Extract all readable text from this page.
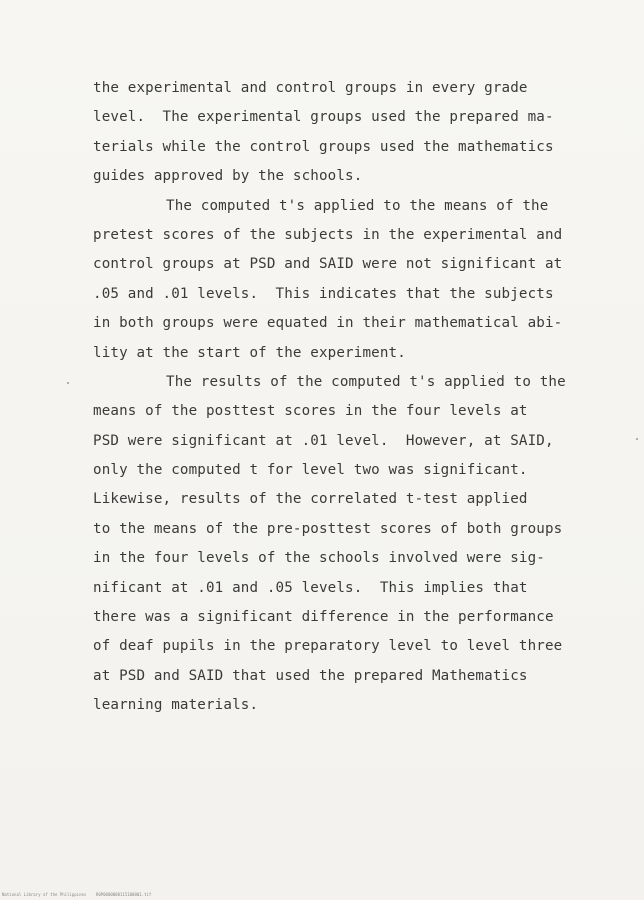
the experimental and control groups in every grade
level.  The experimental groups used the prepared ma-
terials while the control groups used the mathematics
guides approved by the schools.
The computed t's applied to the means of the
pretest scores of the subjects in the experimental and
control groups at PSD and SAID were not significant at
.05 and .01 levels.  This indicates that the subjects
in both groups were equated in their mathematical abi-
lity at the start of the experiment.
The results of the computed t's applied to the
means of the posttest scores in the four levels at
PSD were significant at .01 level.  However, at SAID,
only the computed t for level two was significant.
Likewise, results of the correlated t-test applied
to the means of the pre-posttest scores of both groups
in the four levels of the schools involved were sig-
nificant at .01 and .05 levels.  This implies that
there was a significant difference in the performance
of deaf pupils in the preparatory level to level three
at PSD and SAID that used the prepared Mathematics
learning materials.
National Library of the Philippines    R0P0000000115100001.tif
